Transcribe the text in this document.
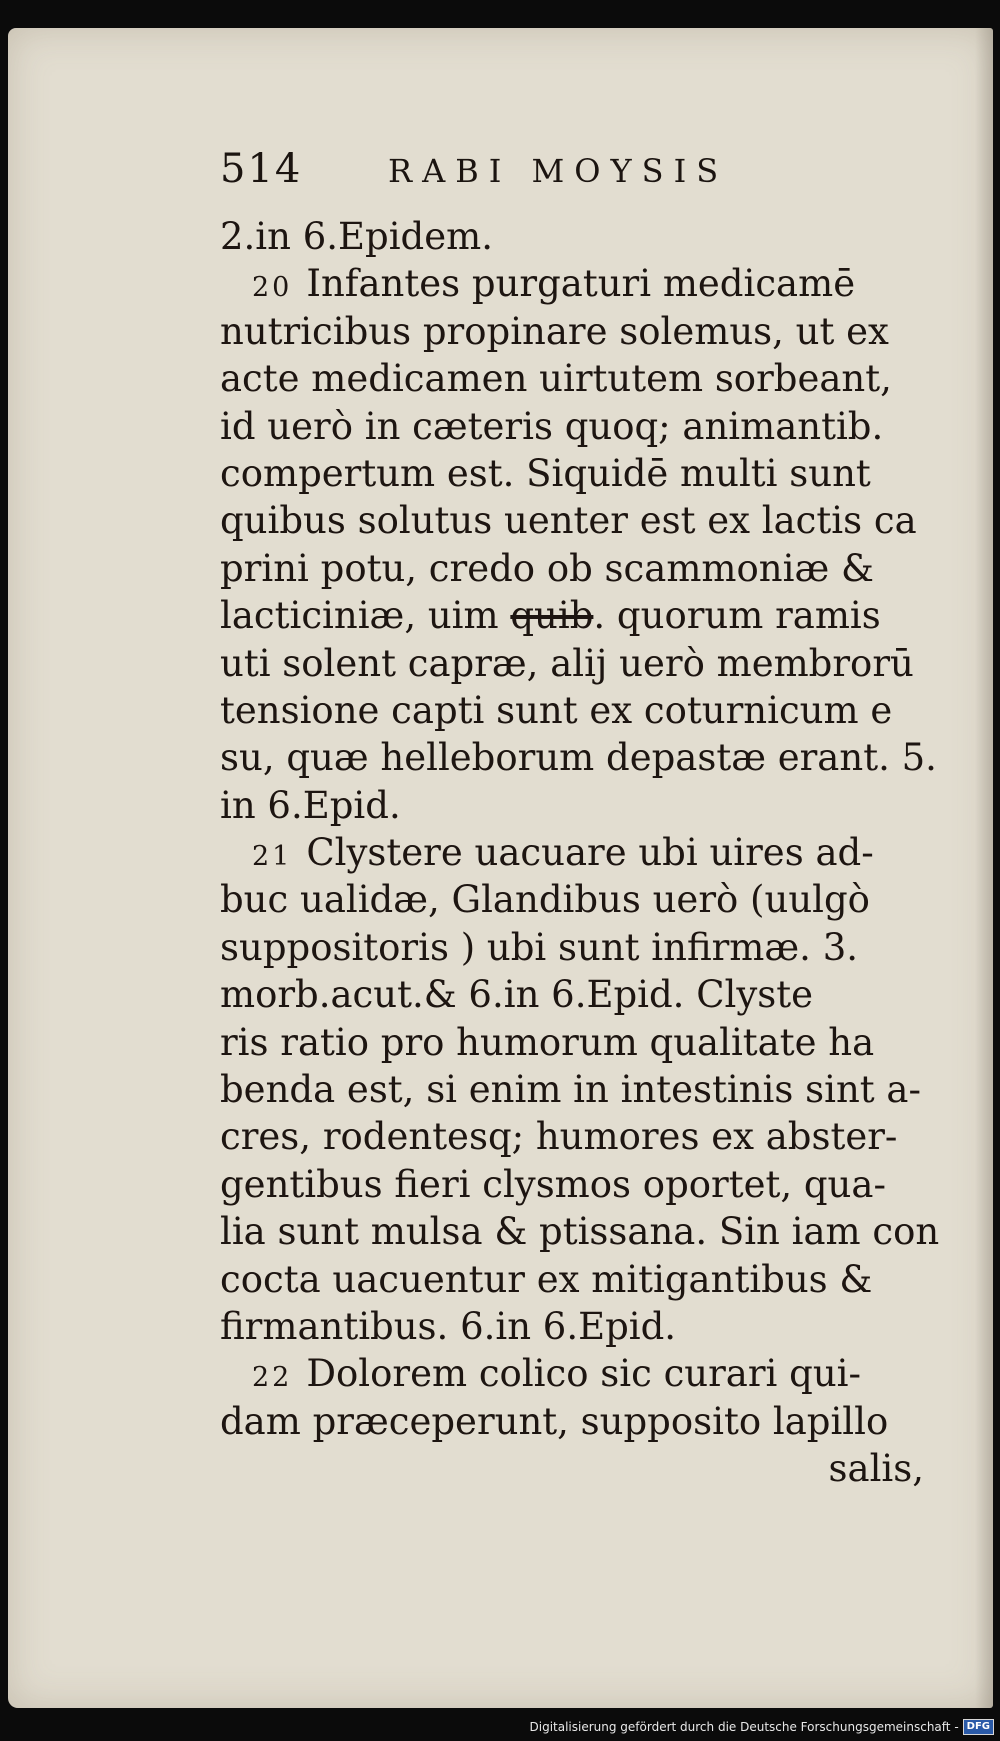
514	RABI MOYSIS
2.in 6.Epidem.
20 Infantes purgaturi medicamē
nutricibus propinare solemus, ut ex
acte medicamen uirtutem sorbeant,
id uerò in cæteris quoq; animantib.
compertum est. Siquidē multi sunt
quibus solutus uenter est ex lactis ca
prini potu, credo ob scammoniæ &
lacticiniæ, uim quib. quorum ramis
uti solent capræ, alij uerò membrorū
tensione capti sunt ex coturnicum e
su, quæ helleborum depastæ erant. 5.
in 6.Epid.
21 Clystere uacuare ubi uires ad-
buc ualidæ, Glandibus uerò (uulgò
suppositoris ) ubi sunt infirmæ. 3.
morb.acut.& 6.in 6.Epid. Clyste
ris ratio pro humorum qualitate ha
benda est, si enim in intestinis sint a-
cres, rodentesq; humores ex abster-
gentibus fieri clysmos oportet, qua-
lia sunt mulsa & ptissana. Sin iam con
cocta uacuentur ex mitigantibus &
firmantibus. 6.in 6.Epid.
22 Dolorem colico sic curari qui-
dam præceperunt, supposito lapillo
salis,
Digitalisierung gefördert durch die Deutsche Forschungsgemeinschaft - DFG
